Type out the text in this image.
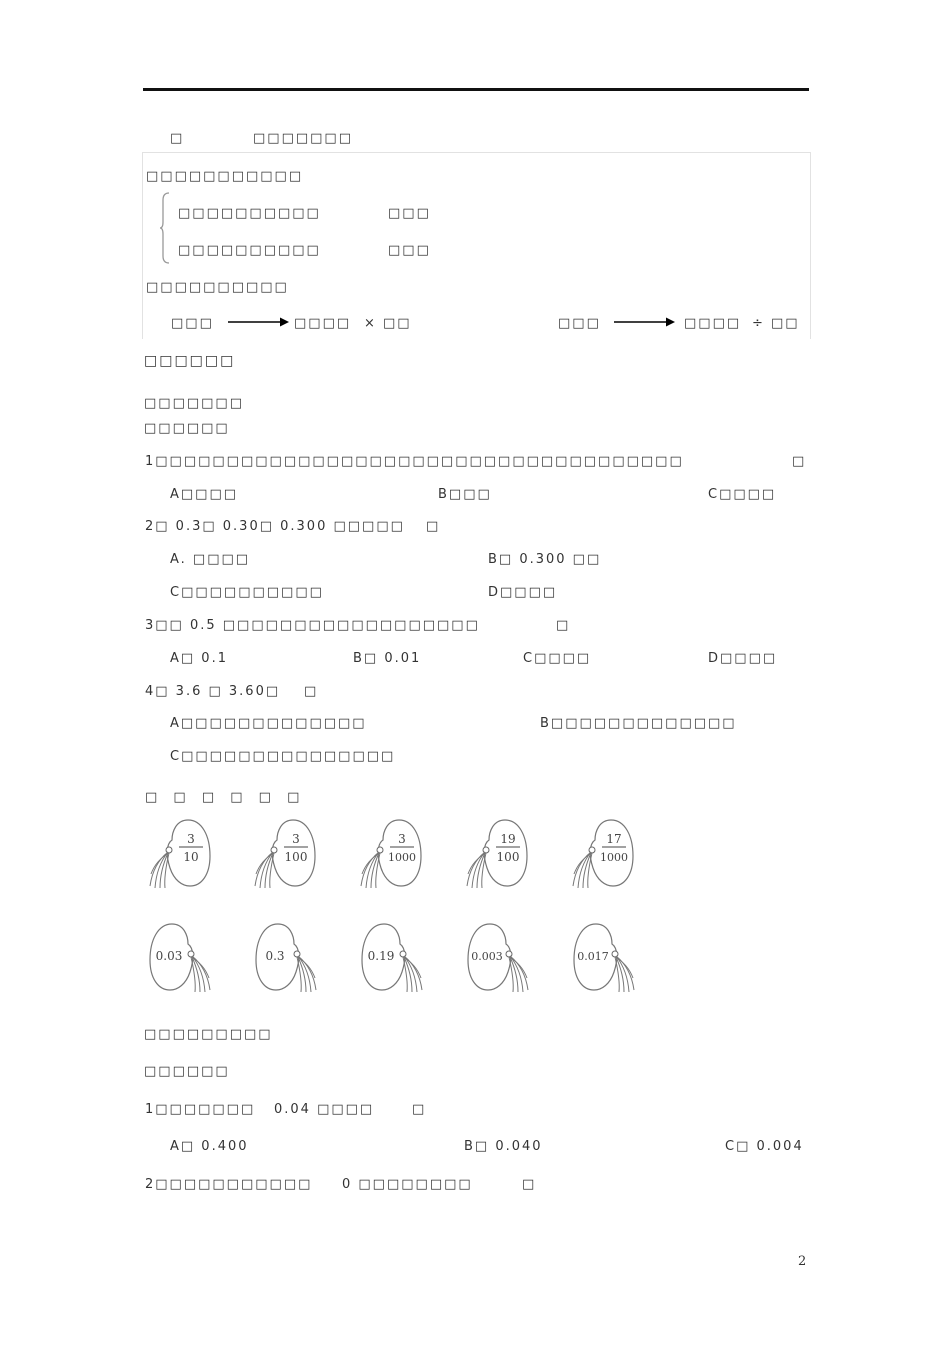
□	□□□□□□□
□□□□□□□□□□□
□□□□□□□□□□	□□□
□□□□□□□□□□	□□□
□□□□□□□□□□
□□□	□□□□ × □□	□□□	□□□□ ÷ □□
□□□□□□
□□□□□□□
□□□□□□
1□□□□□□□□□□□□□□□□□□□□□□□□□□□□□□□□□□□□□	□
A□□□□	B□□□	C□□□□
2□ 0.3□ 0.30□ 0.300 □□□□□ □
A. □□□□	B□ 0.300 □□
C□□□□□□□□□□	D□□□□
3□□ 0.5 □□□□□□□□□□□□□□□□□□	□
A□ 0.1	B□ 0.01	C□□□□	D□□□□
4□ 3.6 □ 3.60□ □
A□□□□□□□□□□□□□	B□□□□□□□□□□□□□
C□□□□□□□□□□□□□□□
□ □ □ □ □ □
3
10
3
100
3
1000
19
100
17
1000
0.03	0.3	0.19	0.003	0.017
□□□□□□□□□
□□□□□□
1□□□□□□□ 0.04 □□□□	□
A□ 0.400	B□ 0.040	C□ 0.004
2□□□□□□□□□□□ 0 □□□□□□□□	□
2
